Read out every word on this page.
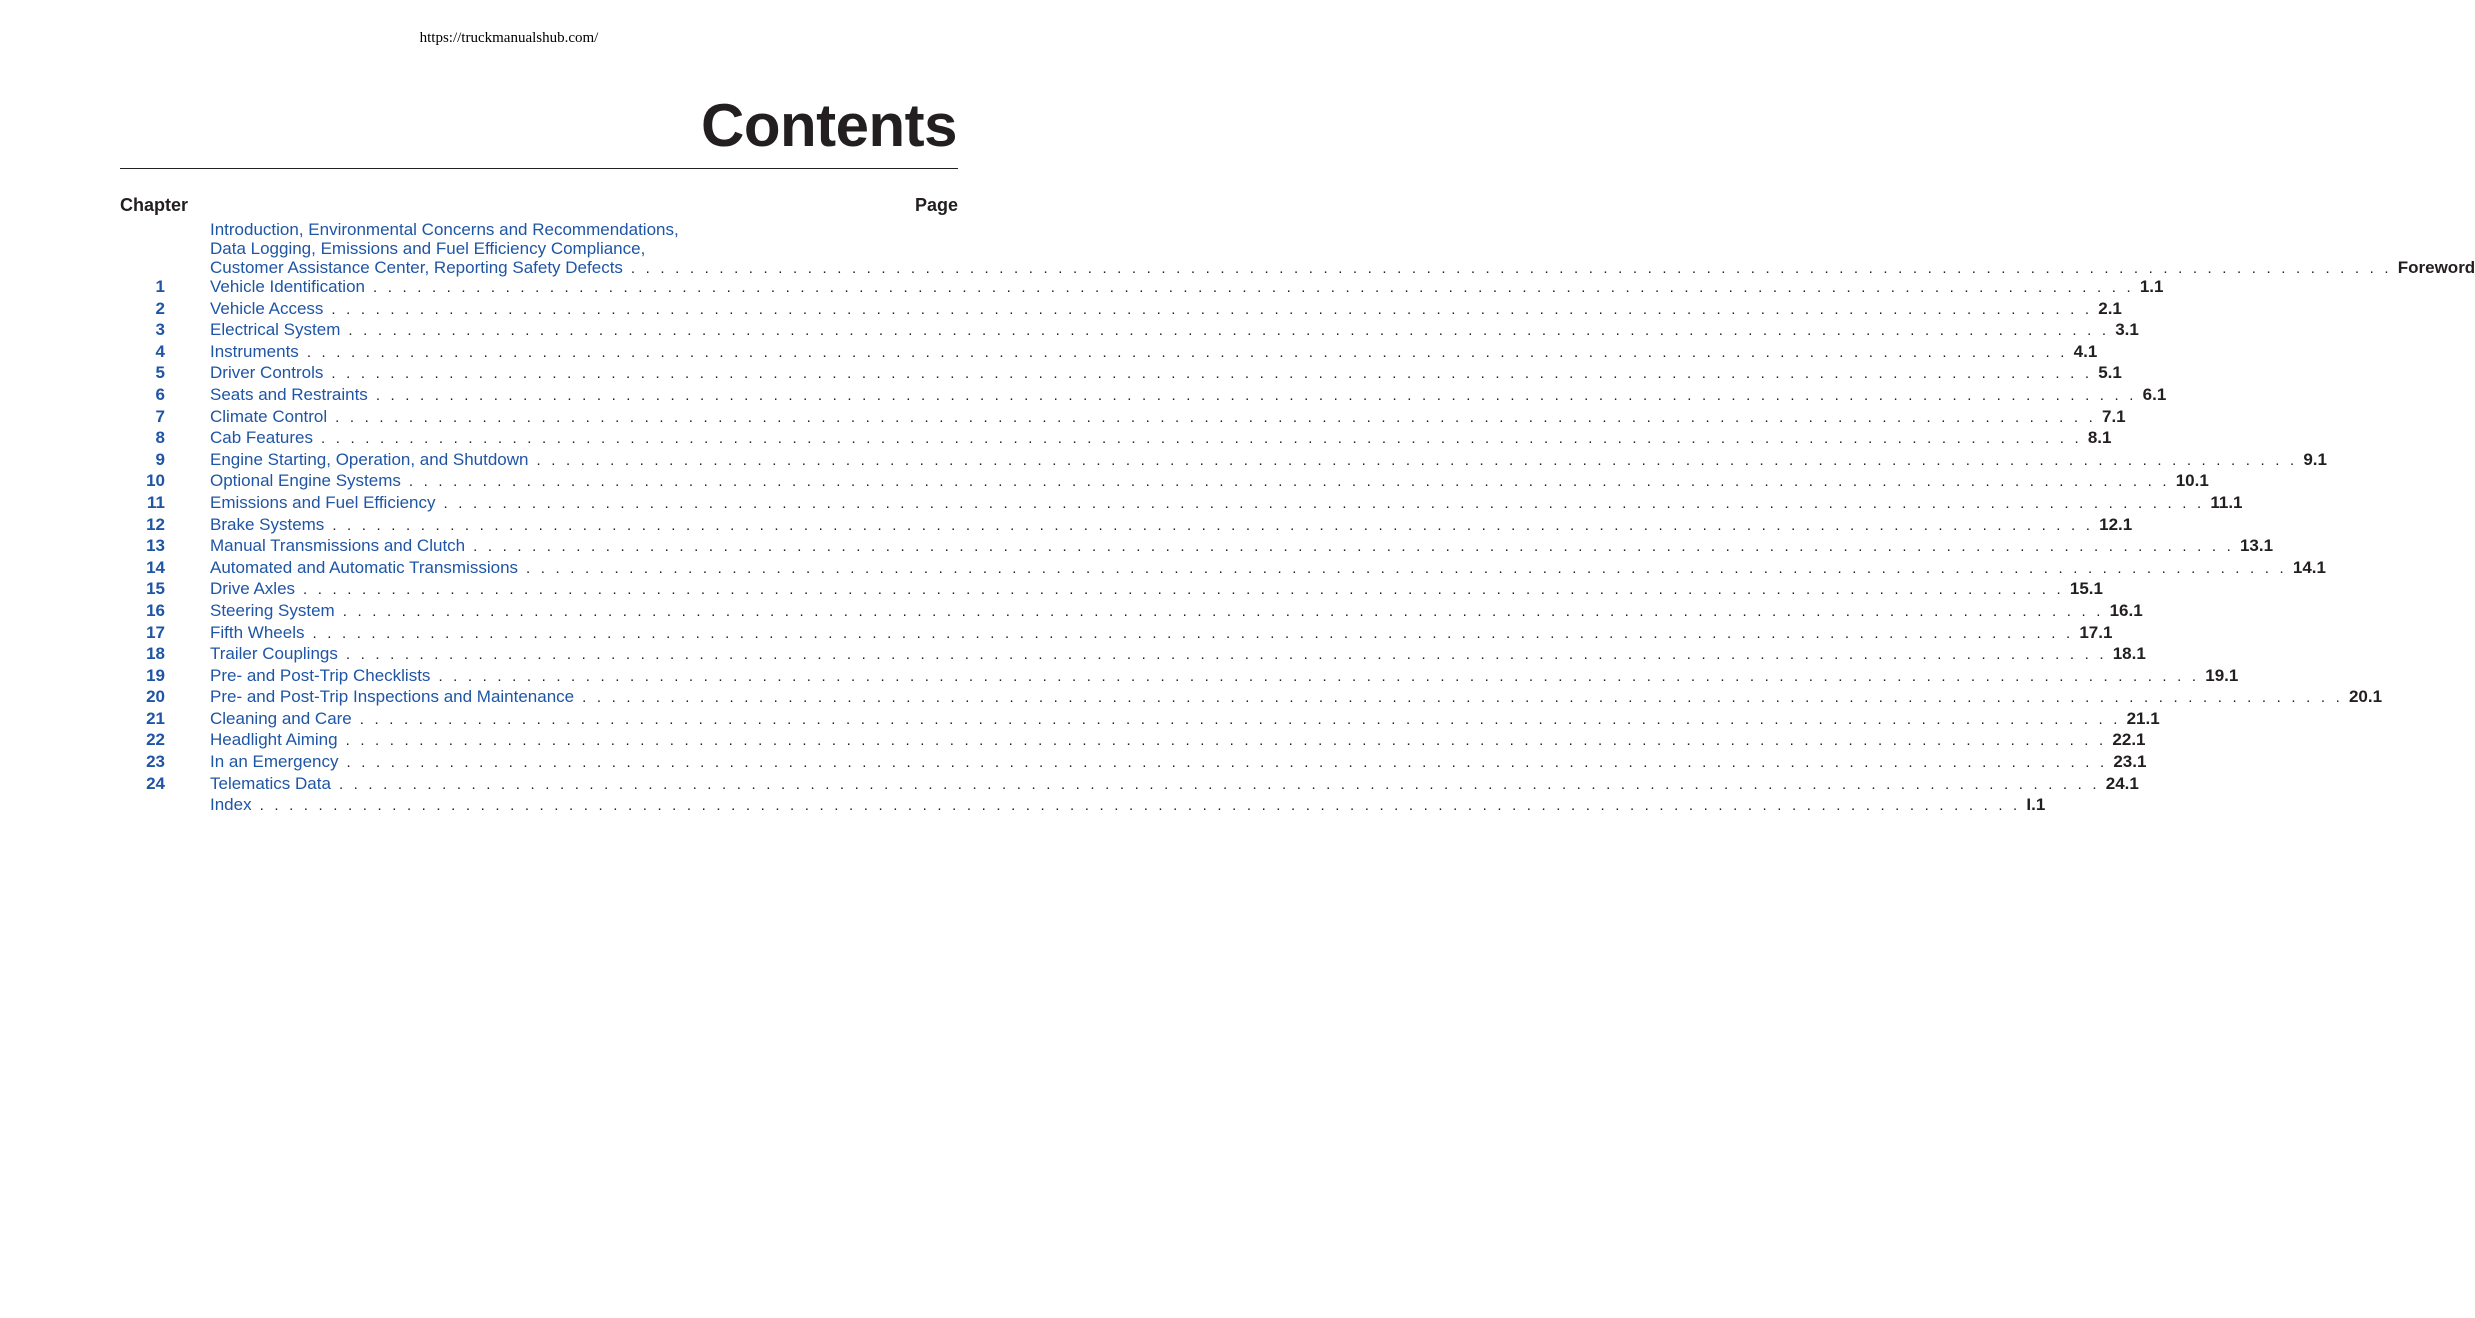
https://truckmanualshub.com/
Contents
Chapter	Page
Introduction, Environmental Concerns and Recommendations,
Data Logging, Emissions and Fuel Efficiency Compliance,
Customer Assistance Center, Reporting Safety Defects . . . . . . . . . . . . . . . . . . . . . . . . . . . . . . . . . . . . . . . . . . . . . . . . . . . . . . . . . . . . . . . . . . . . . . . . . . . . . . . . . . . . . . . . . . . . . . . . . . . . . . . . . . . . . . . . . . . . . . . . Foreword
1	Vehicle Identification . . . . . . . . . . . . . . . . . . . . . . . . . . . . . . . . . . . . . . . . . . . . . . . . . . . . . . . . . . . . . . . . . . . . . . . . . . . . . . . . . . . . . . . . . . . . . . . . . . . . . . . . . . . . . . . . . . . . . . . . 1.1
2	Vehicle Access . . . . . . . . . . . . . . . . . . . . . . . . . . . . . . . . . . . . . . . . . . . . . . . . . . . . . . . . . . . . . . . . . . . . . . . . . . . . . . . . . . . . . . . . . . . . . . . . . . . . . . . . . . . . . . . . . . . . . . . . 2.1
3	Electrical System . . . . . . . . . . . . . . . . . . . . . . . . . . . . . . . . . . . . . . . . . . . . . . . . . . . . . . . . . . . . . . . . . . . . . . . . . . . . . . . . . . . . . . . . . . . . . . . . . . . . . . . . . . . . . . . . . . . . . . . . 3.1
4	Instruments . . . . . . . . . . . . . . . . . . . . . . . . . . . . . . . . . . . . . . . . . . . . . . . . . . . . . . . . . . . . . . . . . . . . . . . . . . . . . . . . . . . . . . . . . . . . . . . . . . . . . . . . . . . . . . . . . . . . . . . . 4.1
5	Driver Controls . . . . . . . . . . . . . . . . . . . . . . . . . . . . . . . . . . . . . . . . . . . . . . . . . . . . . . . . . . . . . . . . . . . . . . . . . . . . . . . . . . . . . . . . . . . . . . . . . . . . . . . . . . . . . . . . . . . . . . . . 5.1
6	Seats and Restraints . . . . . . . . . . . . . . . . . . . . . . . . . . . . . . . . . . . . . . . . . . . . . . . . . . . . . . . . . . . . . . . . . . . . . . . . . . . . . . . . . . . . . . . . . . . . . . . . . . . . . . . . . . . . . . . . . . . . . . . . 6.1
7	Climate Control . . . . . . . . . . . . . . . . . . . . . . . . . . . . . . . . . . . . . . . . . . . . . . . . . . . . . . . . . . . . . . . . . . . . . . . . . . . . . . . . . . . . . . . . . . . . . . . . . . . . . . . . . . . . . . . . . . . . . . . . 7.1
8	Cab Features . . . . . . . . . . . . . . . . . . . . . . . . . . . . . . . . . . . . . . . . . . . . . . . . . . . . . . . . . . . . . . . . . . . . . . . . . . . . . . . . . . . . . . . . . . . . . . . . . . . . . . . . . . . . . . . . . . . . . . . . 8.1
9	Engine Starting, Operation, and Shutdown . . . . . . . . . . . . . . . . . . . . . . . . . . . . . . . . . . . . . . . . . . . . . . . . . . . . . . . . . . . . . . . . . . . . . . . . . . . . . . . . . . . . . . . . . . . . . . . . . . . . . . . . . . . . . . . . . . . . . . . . 9.1
10	Optional Engine Systems . . . . . . . . . . . . . . . . . . . . . . . . . . . . . . . . . . . . . . . . . . . . . . . . . . . . . . . . . . . . . . . . . . . . . . . . . . . . . . . . . . . . . . . . . . . . . . . . . . . . . . . . . . . . . . . . . . . . . . . . 10.1
11	Emissions and Fuel Efficiency . . . . . . . . . . . . . . . . . . . . . . . . . . . . . . . . . . . . . . . . . . . . . . . . . . . . . . . . . . . . . . . . . . . . . . . . . . . . . . . . . . . . . . . . . . . . . . . . . . . . . . . . . . . . . . . . . . . . . . . . 11.1
12	Brake Systems . . . . . . . . . . . . . . . . . . . . . . . . . . . . . . . . . . . . . . . . . . . . . . . . . . . . . . . . . . . . . . . . . . . . . . . . . . . . . . . . . . . . . . . . . . . . . . . . . . . . . . . . . . . . . . . . . . . . . . . . 12.1
13	Manual Transmissions and Clutch . . . . . . . . . . . . . . . . . . . . . . . . . . . . . . . . . . . . . . . . . . . . . . . . . . . . . . . . . . . . . . . . . . . . . . . . . . . . . . . . . . . . . . . . . . . . . . . . . . . . . . . . . . . . . . . . . . . . . . . . 13.1
14	Automated and Automatic Transmissions . . . . . . . . . . . . . . . . . . . . . . . . . . . . . . . . . . . . . . . . . . . . . . . . . . . . . . . . . . . . . . . . . . . . . . . . . . . . . . . . . . . . . . . . . . . . . . . . . . . . . . . . . . . . . . . . . . . . . . . . 14.1
15	Drive Axles . . . . . . . . . . . . . . . . . . . . . . . . . . . . . . . . . . . . . . . . . . . . . . . . . . . . . . . . . . . . . . . . . . . . . . . . . . . . . . . . . . . . . . . . . . . . . . . . . . . . . . . . . . . . . . . . . . . . . . . . 15.1
16	Steering System . . . . . . . . . . . . . . . . . . . . . . . . . . . . . . . . . . . . . . . . . . . . . . . . . . . . . . . . . . . . . . . . . . . . . . . . . . . . . . . . . . . . . . . . . . . . . . . . . . . . . . . . . . . . . . . . . . . . . . . . 16.1
17	Fifth Wheels . . . . . . . . . . . . . . . . . . . . . . . . . . . . . . . . . . . . . . . . . . . . . . . . . . . . . . . . . . . . . . . . . . . . . . . . . . . . . . . . . . . . . . . . . . . . . . . . . . . . . . . . . . . . . . . . . . . . . . . . 17.1
18	Trailer Couplings . . . . . . . . . . . . . . . . . . . . . . . . . . . . . . . . . . . . . . . . . . . . . . . . . . . . . . . . . . . . . . . . . . . . . . . . . . . . . . . . . . . . . . . . . . . . . . . . . . . . . . . . . . . . . . . . . . . . . . . . 18.1
19	Pre- and Post-Trip Checklists . . . . . . . . . . . . . . . . . . . . . . . . . . . . . . . . . . . . . . . . . . . . . . . . . . . . . . . . . . . . . . . . . . . . . . . . . . . . . . . . . . . . . . . . . . . . . . . . . . . . . . . . . . . . . . . . . . . . . . . . 19.1
20	Pre- and Post-Trip Inspections and Maintenance . . . . . . . . . . . . . . . . . . . . . . . . . . . . . . . . . . . . . . . . . . . . . . . . . . . . . . . . . . . . . . . . . . . . . . . . . . . . . . . . . . . . . . . . . . . . . . . . . . . . . . . . . . . . . . . . . . . . . . . . 20.1
21	Cleaning and Care . . . . . . . . . . . . . . . . . . . . . . . . . . . . . . . . . . . . . . . . . . . . . . . . . . . . . . . . . . . . . . . . . . . . . . . . . . . . . . . . . . . . . . . . . . . . . . . . . . . . . . . . . . . . . . . . . . . . . . . . 21.1
22	Headlight Aiming . . . . . . . . . . . . . . . . . . . . . . . . . . . . . . . . . . . . . . . . . . . . . . . . . . . . . . . . . . . . . . . . . . . . . . . . . . . . . . . . . . . . . . . . . . . . . . . . . . . . . . . . . . . . . . . . . . . . . . . . 22.1
23	In an Emergency . . . . . . . . . . . . . . . . . . . . . . . . . . . . . . . . . . . . . . . . . . . . . . . . . . . . . . . . . . . . . . . . . . . . . . . . . . . . . . . . . . . . . . . . . . . . . . . . . . . . . . . . . . . . . . . . . . . . . . . . 23.1
24	Telematics Data . . . . . . . . . . . . . . . . . . . . . . . . . . . . . . . . . . . . . . . . . . . . . . . . . . . . . . . . . . . . . . . . . . . . . . . . . . . . . . . . . . . . . . . . . . . . . . . . . . . . . . . . . . . . . . . . . . . . . . . . 24.1
Index . . . . . . . . . . . . . . . . . . . . . . . . . . . . . . . . . . . . . . . . . . . . . . . . . . . . . . . . . . . . . . . . . . . . . . . . . . . . . . . . . . . . . . . . . . . . . . . . . . . . . . . . . . . . . . . . . . . . . . . . I.1
